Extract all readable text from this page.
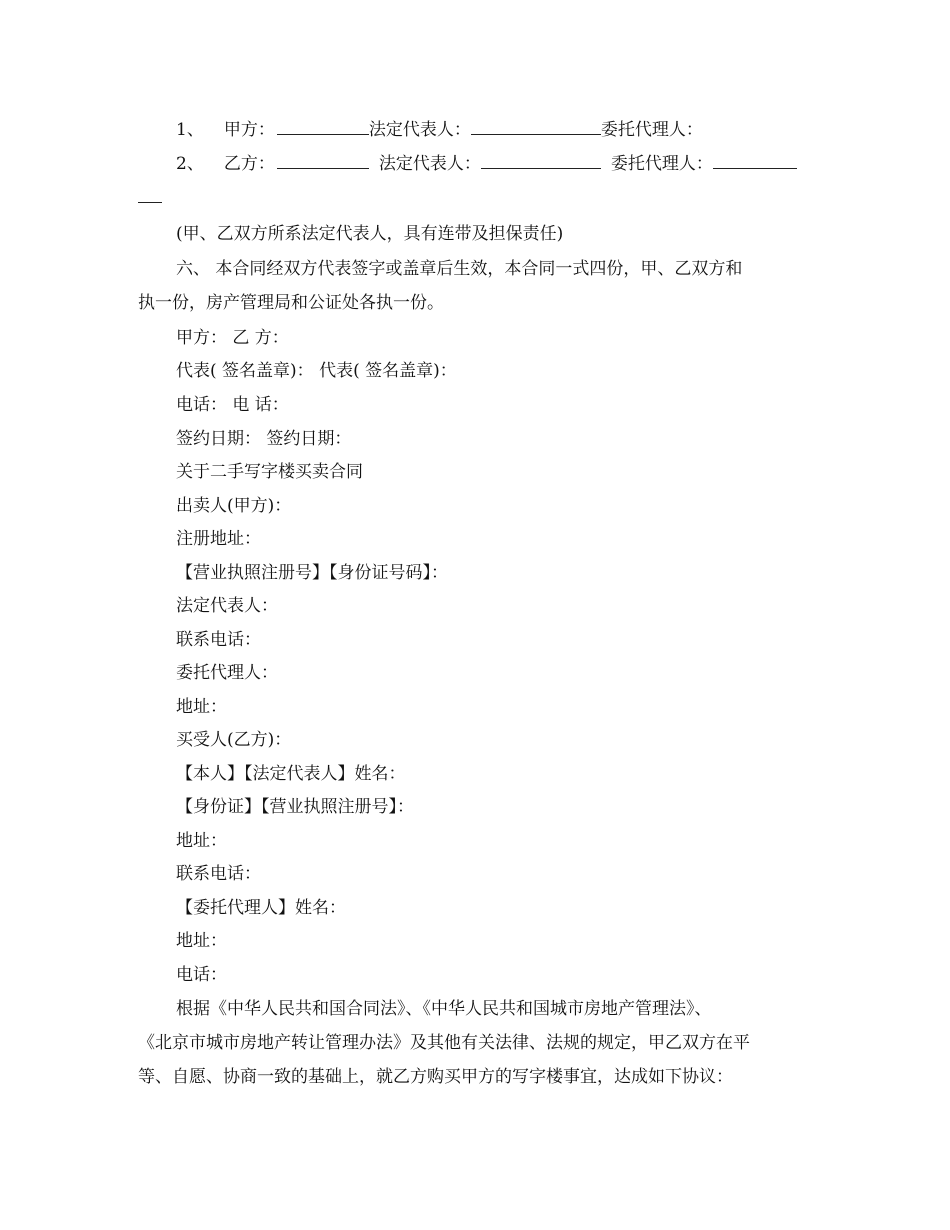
1、 甲方：	法定代表人：	委托代理人：
2、 乙方：	法定代表人：	委托代理人：
(甲、乙双方所系法定代表人，具有连带及担保责任)
六、 本合同经双方代表签字或盖章后生效，本合同一式四份，甲、乙双方和
执一份，房产管理局和公证处各执一份。
甲方： 乙 方：
代表( 签名盖章)： 代表( 签名盖章)：
电话： 电 话：
签约日期： 签约日期：
关于二手写字楼买卖合同
出卖人(甲方)：
注册地址：
【营业执照注册号】【身份证号码】：
法定代表人：
联系电话：
委托代理人：
地址：
买受人(乙方)：
【本人】【法定代表人】姓名：
【身份证】【营业执照注册号】：
地址：
联系电话：
【委托代理人】姓名：
地址：
电话：
根据《中华人民共和国合同法》、《中华人民共和国城市房地产管理法》、
《北京市城市房地产转让管理办法》及其他有关法律、法规的规定，甲乙双方在平
等、自愿、协商一致的基础上，就乙方购买甲方的写字楼事宜，达成如下协议：
